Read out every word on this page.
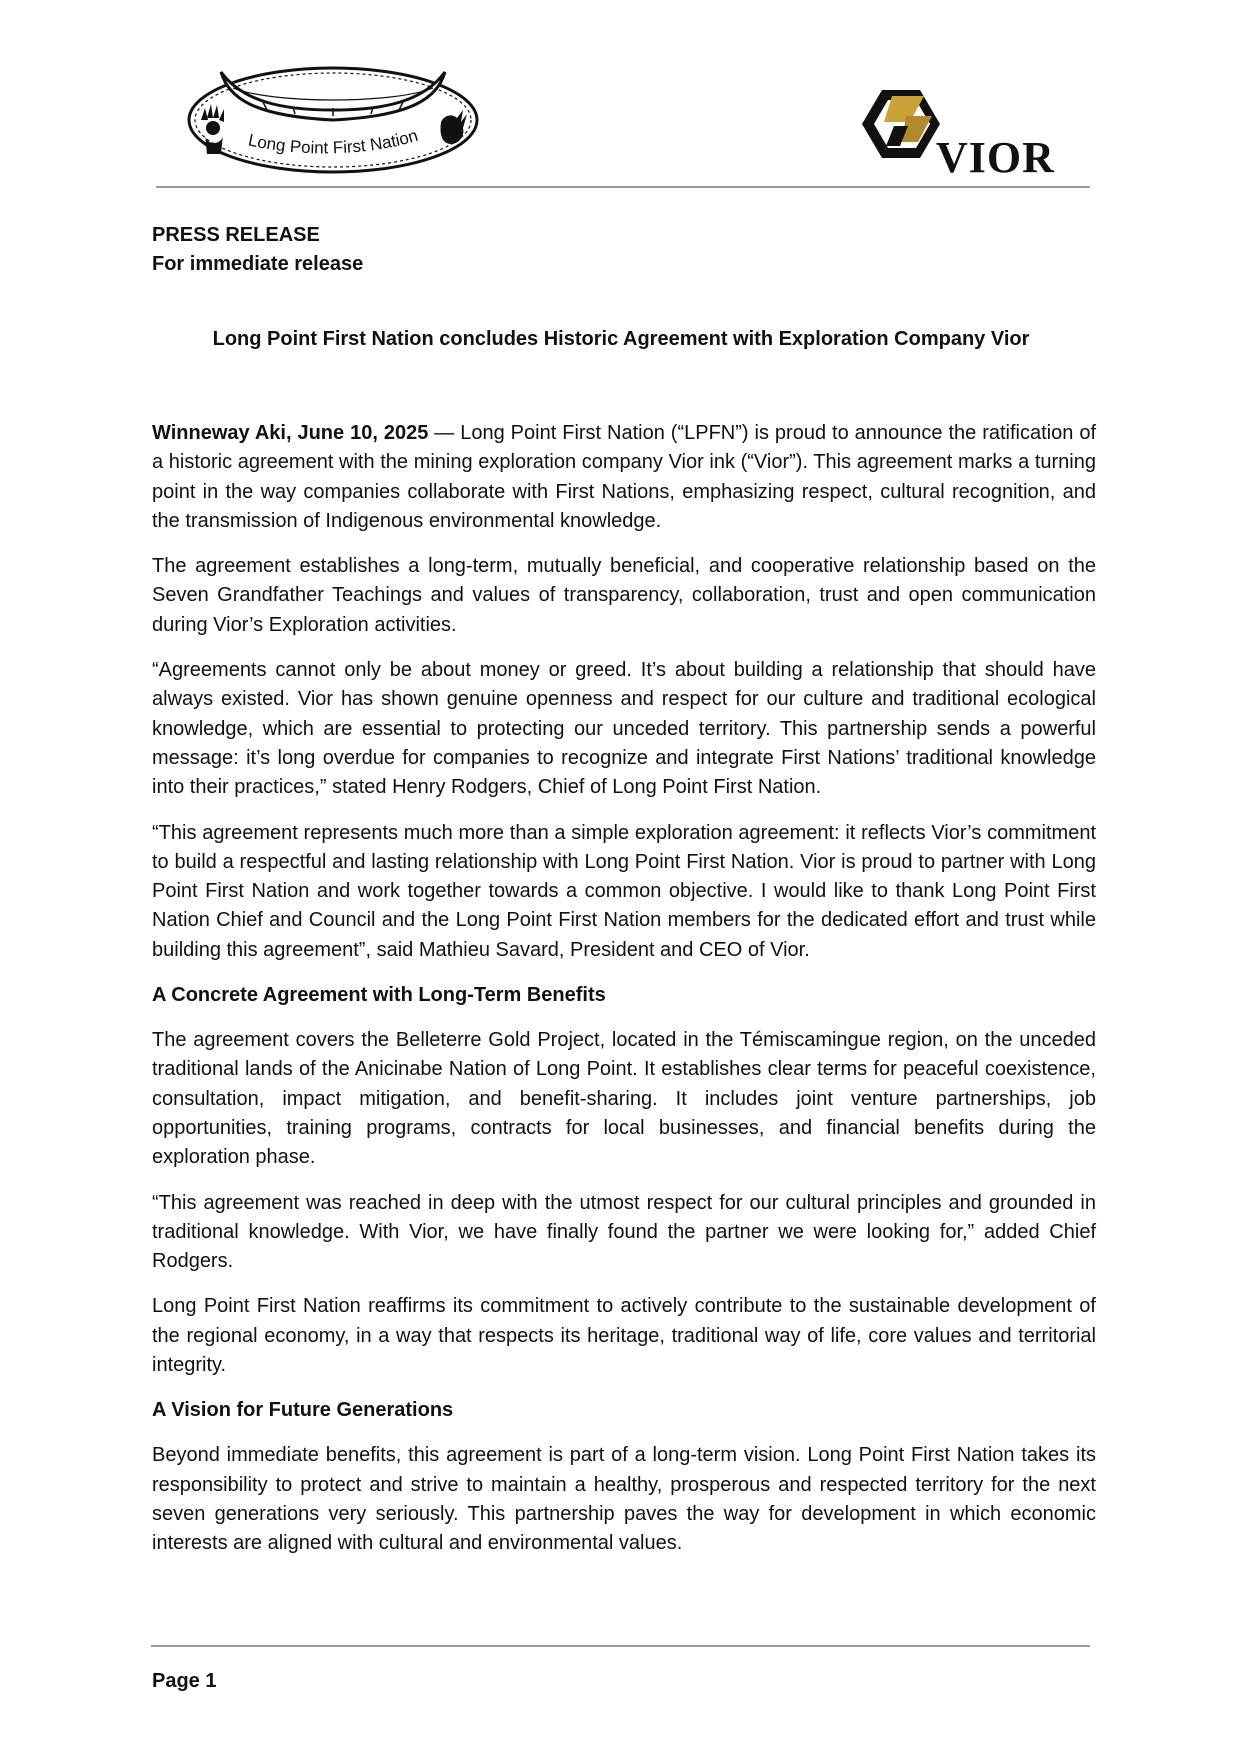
Long Point First Nation	VIOR

PRESS RELEASE

For immediate release

Long Point First Nation concludes Historic Agreement with Exploration Company Vior

Winneway Aki, June 10, 2025 — Long Point First Nation (“LPFN”) is proud to announce the ratification of a historic agreement with the mining exploration company Vior ink (“Vior”). This agreement marks a turning point in the way companies collaborate with First Nations, emphasizing respect, cultural recognition, and the transmission of Indigenous environmental knowledge.

The agreement establishes a long-term, mutually beneficial, and cooperative relationship based on the Seven Grandfather Teachings and values of transparency, collaboration, trust and open communication during Vior’s Exploration activities.

“Agreements cannot only be about money or greed. It’s about building a relationship that should have always existed. Vior has shown genuine openness and respect for our culture and traditional ecological knowledge, which are essential to protecting our unceded territory. This partnership sends a powerful message: it’s long overdue for companies to recognize and integrate First Nations’ traditional knowledge into their practices,” stated Henry Rodgers, Chief of Long Point First Nation.

“This agreement represents much more than a simple exploration agreement: it reflects Vior’s commitment to build a respectful and lasting relationship with Long Point First Nation. Vior is proud to partner with Long Point First Nation and work together towards a common objective. I would like to thank Long Point First Nation Chief and Council and the Long Point First Nation members for the dedicated effort and trust while building this agreement”, said Mathieu Savard, President and CEO of Vior.

A Concrete Agreement with Long-Term Benefits

The agreement covers the Belleterre Gold Project, located in the Témiscamingue region, on the unceded traditional lands of the Anicinabe Nation of Long Point. It establishes clear terms for peaceful coexistence, consultation, impact mitigation, and benefit-sharing. It includes joint venture partnerships, job opportunities, training programs, contracts for local businesses, and financial benefits during the exploration phase.

“This agreement was reached in deep with the utmost respect for our cultural principles and grounded in traditional knowledge. With Vior, we have finally found the partner we were looking for,” added Chief Rodgers.

Long Point First Nation reaffirms its commitment to actively contribute to the sustainable development of the regional economy, in a way that respects its heritage, traditional way of life, core values and territorial integrity.

A Vision for Future Generations

Beyond immediate benefits, this agreement is part of a long-term vision. Long Point First Nation takes its responsibility to protect and strive to maintain a healthy, prosperous and respected territory for the next seven generations very seriously. This partnership paves the way for development in which economic interests are aligned with cultural and environmental values.

Page 1
